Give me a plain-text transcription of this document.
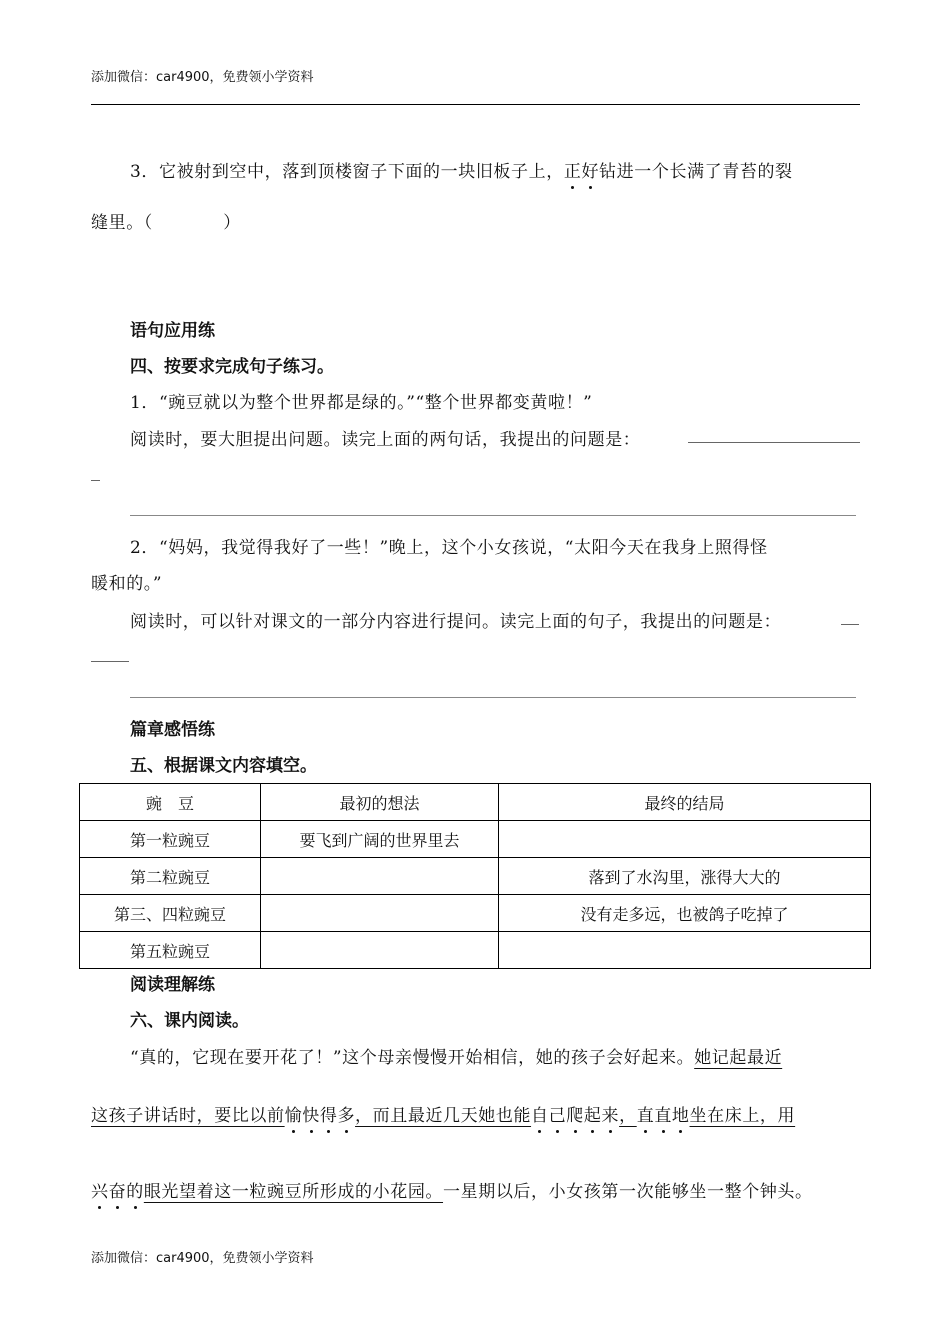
添加微信：car4900，免费领小学资料
3．它被射到空中，落到顶楼窗子下面的一块旧板子上，正好钻进一个长满了青苔的裂
缝里。（　　　　）
语句应用练
四、按要求完成句子练习。
1．“豌豆就以为整个世界都是绿的。”“整个世界都变黄啦！”
阅读时，要大胆提出问题。读完上面的两句话，我提出的问题是：
2．“妈妈，我觉得我好了一些！”晚上，这个小女孩说，“太阳今天在我身上照得怪
暖和的。”
阅读时，可以针对课文的一部分内容进行提问。读完上面的句子，我提出的问题是：
篇章感悟练
五、根据课文内容填空。
豌　豆	最初的想法	最终的结局
第一粒豌豆	要飞到广阔的世界里去	
第二粒豌豆		落到了水沟里，涨得大大的
第三、四粒豌豆		没有走多远，也被鸽子吃掉了
第五粒豌豆		
阅读理解练
六、课内阅读。
“真的，它现在要开花了！”这个母亲慢慢开始相信，她的孩子会好起来。她记起最近
这孩子讲话时，要比以前愉快得多，而且最近几天她也能自己爬起来，直直地坐在床上，用
兴奋的眼光望着这一粒豌豆所形成的小花园。一星期以后，小女孩第一次能够坐一整个钟头。
添加微信：car4900，免费领小学资料
